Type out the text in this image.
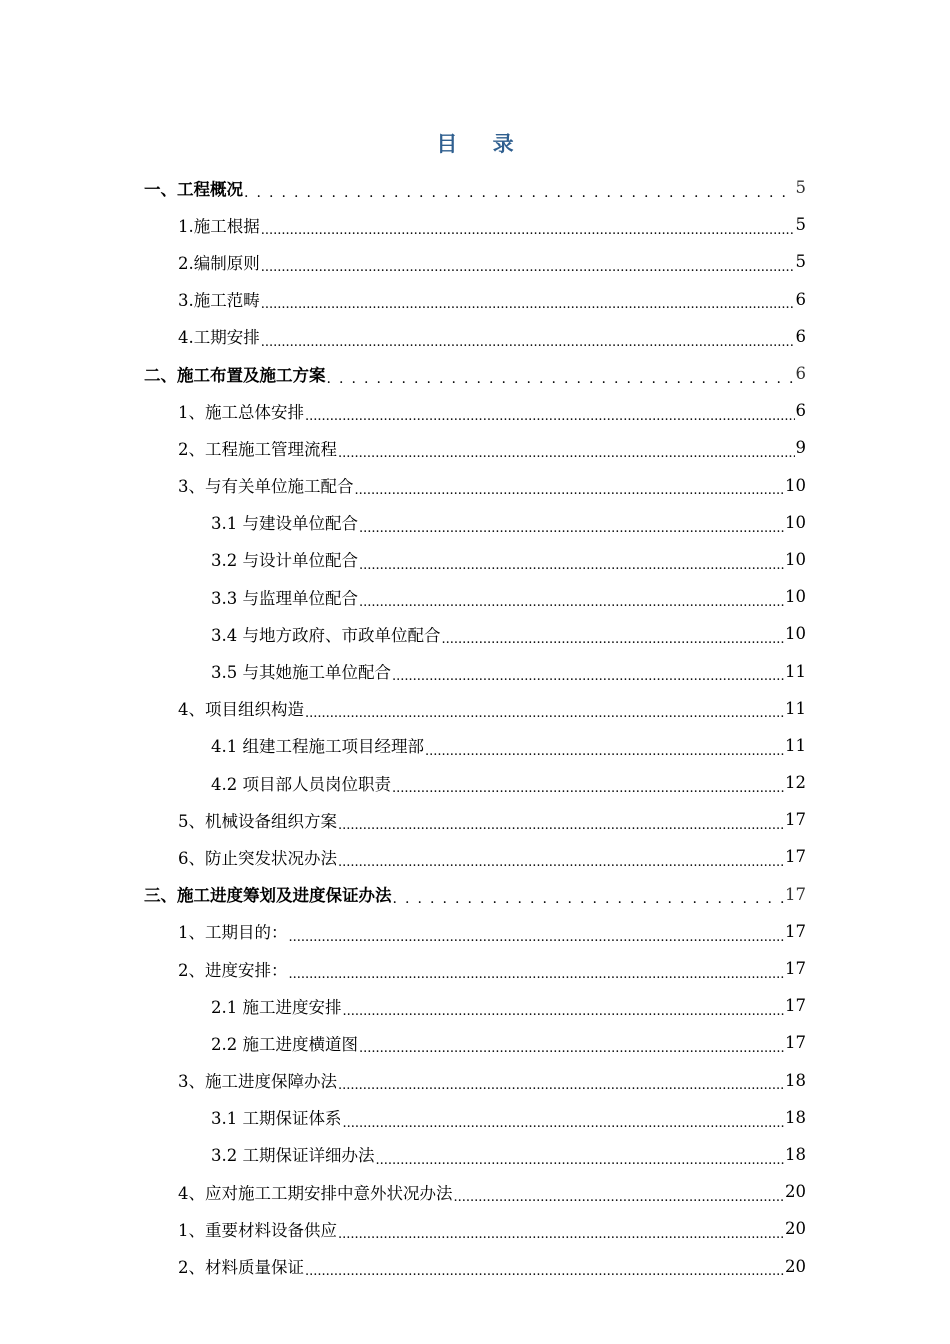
目 录
一、工程概况 . . .	5
1.施工根据 .....	5
2.编制原则 .....	5
3.施工范畴 .....	6
4.工期安排 .....	6
二、施工布置及施工方案 . . .	6
1、施工总体安排 .....	6
2、工程施工管理流程 .....	9
3、与有关单位施工配合 .....	10
3.1 与建设单位配合 .....	10
3.2 与设计单位配合 .....	10
3.3 与监理单位配合 .....	10
3.4 与地方政府、市政单位配合 .....	10
3.5 与其她施工单位配合 .....	11
4、项目组织构造 .....	11
4.1 组建工程施工项目经理部 .....	11
4.2 项目部人员岗位职责 .....	12
5、机械设备组织方案 .....	17
6、防止突发状况办法 .....	17
三、施工进度筹划及进度保证办法 . . .	17
1、工期目的： .....	17
2、进度安排： .....	17
2.1 施工进度安排 .....	17
2.2 施工进度横道图 .....	17
3、施工进度保障办法 .....	18
3.1 工期保证体系 .....	18
3.2 工期保证详细办法 .....	18
4、应对施工工期安排中意外状况办法 .....	20
1、重要材料设备供应 .....	20
2、材料质量保证 .....	20
